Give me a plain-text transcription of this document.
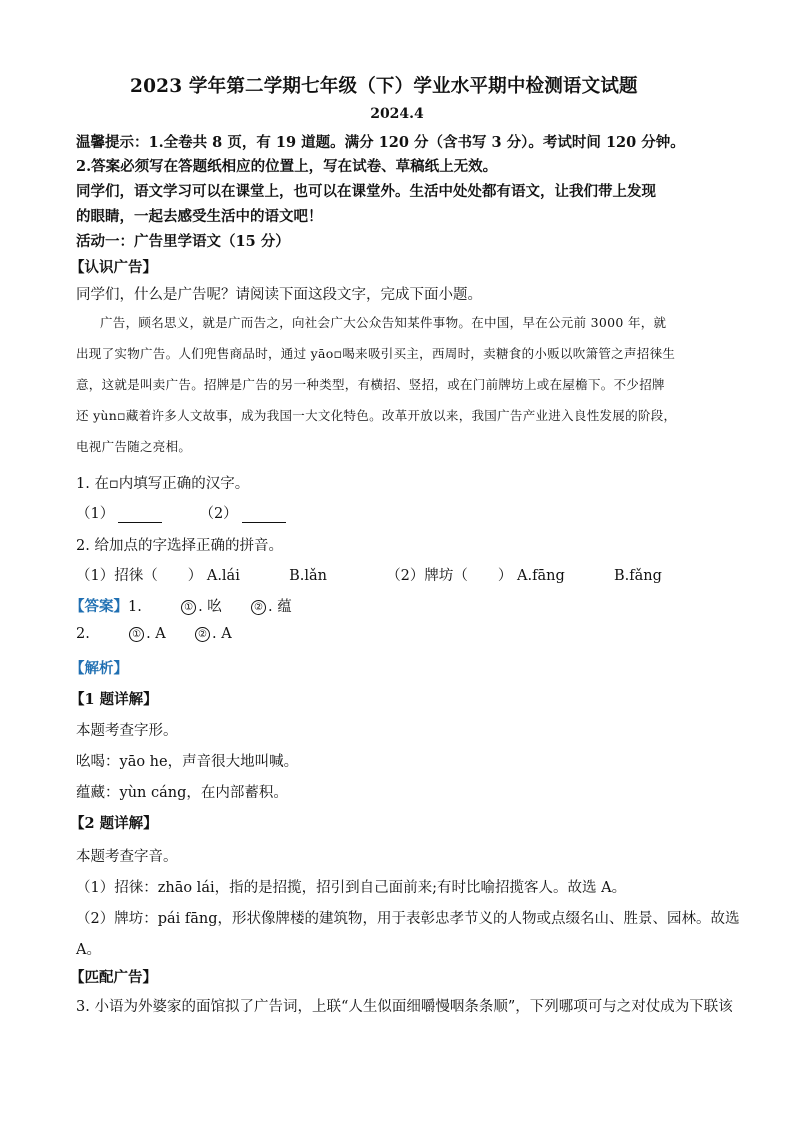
2023 学年第二学期七年级（下）学业水平期中检测语文试题
2024.4
温馨提示：1.全卷共 8 页，有 19 道题。满分 120 分（含书写 3 分）。考试时间 120 分钟。
2.答案必须写在答题纸相应的位置上，写在试卷、草稿纸上无效。
同学们，语文学习可以在课堂上，也可以在课堂外。生活中处处都有语文，让我们带上发现
的眼睛，一起去感受生活中的语文吧！
活动一：广告里学语文（15 分）
【认识广告】
同学们，什么是广告呢？请阅读下面这段文字，完成下面小题。
广告，顾名思义，就是广而告之，向社会广大公众告知某件事物。在中国，早在公元前 3000 年，就
出现了实物广告。人们兜售商品时，通过 yāo▫喝来吸引买主，西周时，卖糖食的小贩以吹箫管之声招徕生
意，这就是叫卖广告。招牌是广告的另一种类型，有横招、竖招，或在门前牌坊上或在屋檐下。不少招牌
还 yùn▫藏着许多人文故事，成为我国一大文化特色。改革开放以来，我国广告产业进入良性发展的阶段，
电视广告随之亮相。
1. 在▫内填写正确的汉字。
（1）	（2）
2. 给加点的字选择正确的拼音。
（1）招徕（ ） A.lái	B.lǎn	（2）牌坊（ ） A.fāng	B.fǎng
【答案】1.	① . 吆	② . 蕴
2.	① . A	② . A
【解析】
【1 题详解】
本题考查字形。
吆喝：yāo he，声音很大地叫喊。
蕴藏：yùn cáng，在内部蓄积。
【2 题详解】
本题考查字音。
（1）招徕：zhāo lái，指的是招揽，招引到自己面前来;有时比喻招揽客人。故选 A。
（2）牌坊：pái fāng，形状像牌楼的建筑物，用于表彰忠孝节义的人物或点缀名山、胜景、园林。故选
A。
【匹配广告】
3. 小语为外婆家的面馆拟了广告词，上联“人生似面细嚼慢咽条条顺”，下列哪项可与之对仗成为下联该
